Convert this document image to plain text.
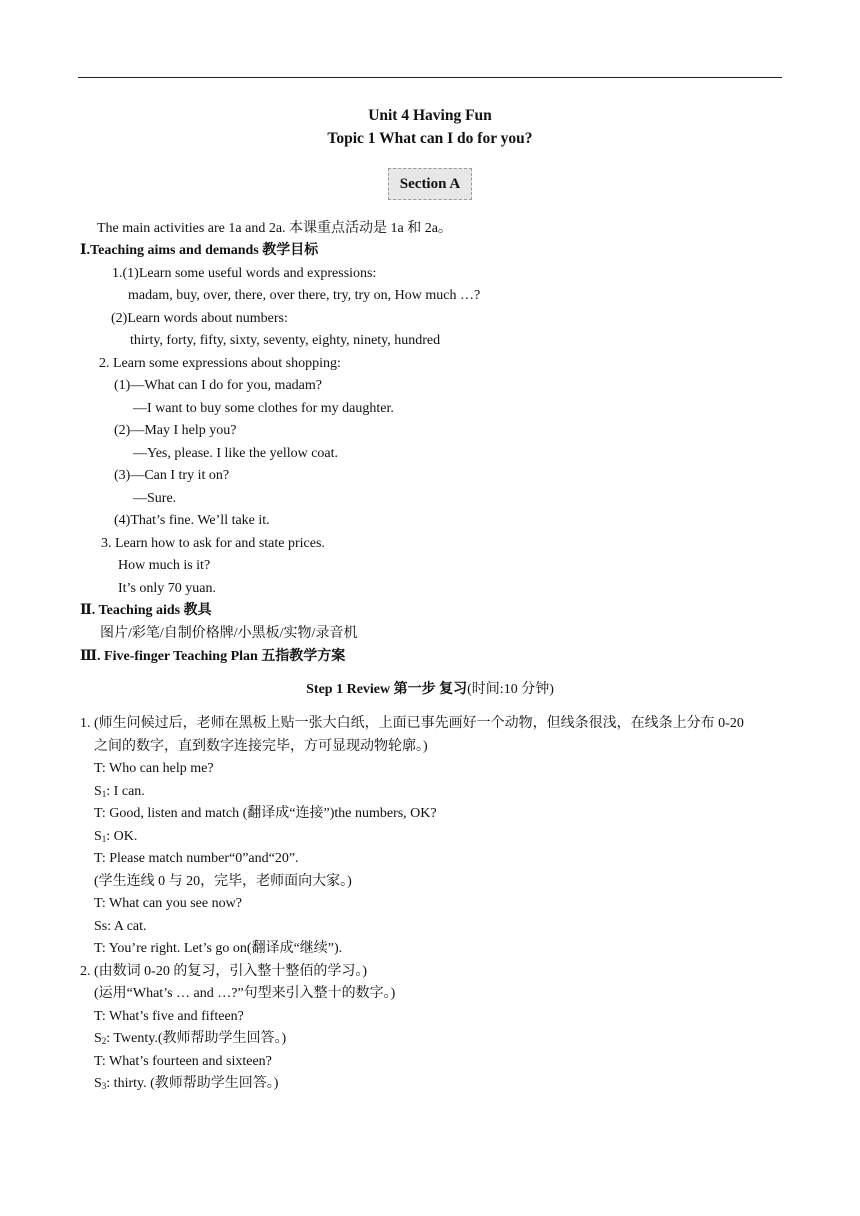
Unit 4 Having Fun
Topic 1 What can I do for you?
Section A
The main activities are 1a and 2a. 本课重点活动是 1a 和 2a。
Ⅰ.Teaching aims and demands 教学目标
1.(1)Learn some useful words and expressions:
madam, buy, over, there, over there, try, try on, How much …?
(2)Learn words about numbers:
thirty, forty, fifty, sixty, seventy, eighty, ninety, hundred
2. Learn some expressions about shopping:
(1)—What can I do for you, madam?
—I want to buy some clothes for my daughter.
(2)—May I help you?
—Yes, please. I like the yellow coat.
(3)—Can I try it on?
—Sure.
(4)That’s fine. We’ll take it.
3. Learn how to ask for and state prices.
How much is it?
It’s only 70 yuan.
Ⅱ. Teaching aids 教具
图片/彩笔/自制价格牌/小黑板/实物/录音机
Ⅲ. Five-finger Teaching Plan 五指教学方案
Step 1 Review 第一步 复习(时间:10 分钟)
1. (师生问候过后，老师在黑板上贴一张大白纸，上面已事先画好一个动物，但线条很浅，在线条上分布 0-20
之间的数字，直到数字连接完毕，方可显现动物轮廓。)
T: Who can help me?
$S_1$: I can.
T: Good, listen and match (翻译成“连接”)the numbers, OK?
$S_1$: OK.
T: Please match number“0”and“20”.
(学生连线 0 与 20，完毕，老师面向大家。)
T: What can you see now?
Ss: A cat.
T: You’re right. Let’s go on(翻译成“继续”).
2. (由数词 0-20 的复习，引入整十整佰的学习。)
(运用“What’s … and …?”句型来引入整十的数字。)
T: What’s five and fifteen?
$S_2$: Twenty.(教师帮助学生回答。)
T: What’s fourteen and sixteen?
$S_3$: thirty. (教师帮助学生回答。)
